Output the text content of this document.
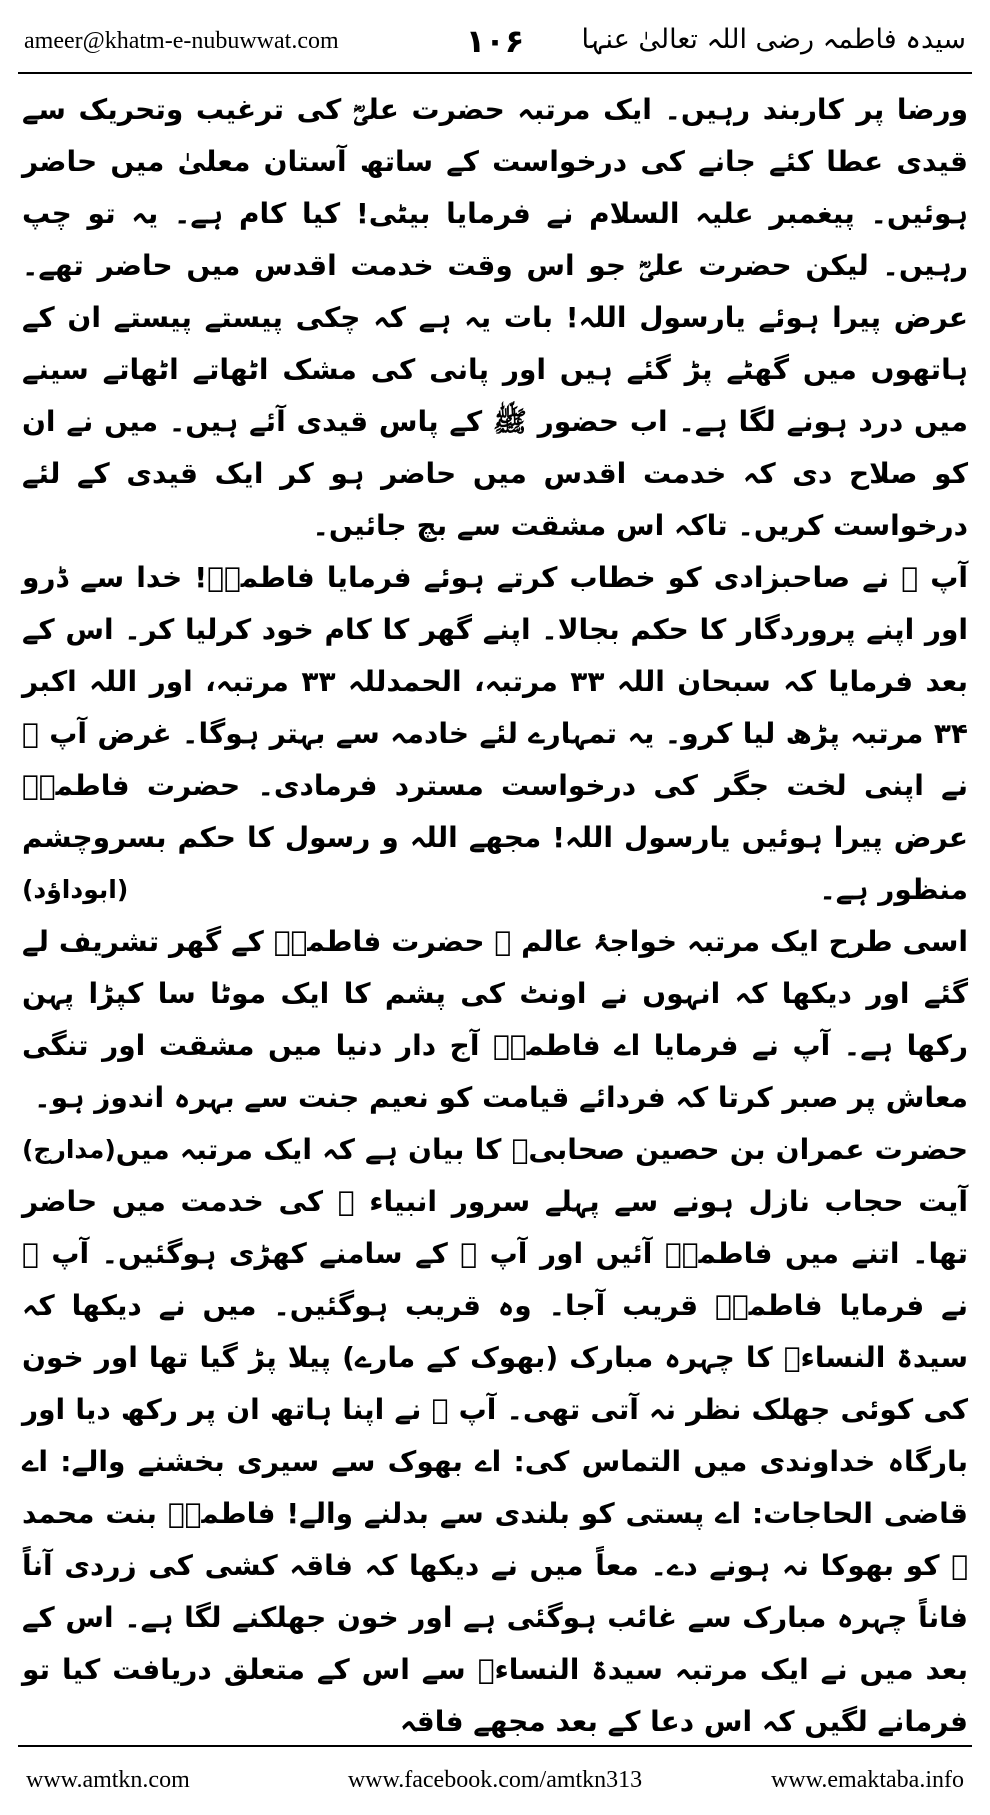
ameer@khatm-e-nubuwwat.com	۱۰۶ سیدہ فاطمہ رضی اللہ تعالیٰ عنہا

ورضا پر کاربند رہیں۔ ایک مرتبہ حضرت علیؓ کی ترغیب وتحریک سے قیدی عطا کئے جانے کی درخواست کے ساتھ آستان معلیٰ میں حاضر ہوئیں۔ پیغمبر علیہ السلام نے فرمایا بیٹی! کیا کام ہے۔ یہ تو چپ رہیں۔ لیکن حضرت علیؓ جو اس وقت خدمت اقدس میں حاضر تھے۔ عرض پیرا ہوئے یارسول اللہ! بات یہ ہے کہ چکی پیستے پیستے ان کے ہاتھوں میں گھٹے پڑ گئے ہیں اور پانی کی مشک اٹھاتے اٹھاتے سینے میں درد ہونے لگا ہے۔ اب حضور ﷺ کے پاس قیدی آئے ہیں۔ میں نے ان کو صلاح دی کہ خدمت اقدس میں حاضر ہو کر ایک قیدی کے لئے درخواست کریں۔ تاکہ اس مشقت سے بچ جائیں۔

آپ ﷺ نے صاحبزادی کو خطاب کرتے ہوئے فرمایا فاطمہؓ! خدا سے ڈرو اور اپنے پروردگار کا حکم بجالا۔ اپنے گھر کا کام خود کرلیا کر۔ اس کے بعد فرمایا کہ سبحان اللہ ۳۳ مرتبہ، الحمدللہ ۳۳ مرتبہ، اور اللہ اکبر ۳۴ مرتبہ پڑھ لیا کرو۔ یہ تمہارے لئے خادمہ سے بہتر ہوگا۔ غرض آپ ﷺ نے اپنی لخت جگر کی درخواست مسترد فرمادی۔ حضرت فاطمہؓ عرض پیرا ہوئیں یارسول اللہ! مجھے اللہ و رسول کا حکم بسروچشم منظور ہے۔
(ابوداؤد)

اسی طرح ایک مرتبہ خواجۂ عالم ﷺ حضرت فاطمہؓ کے گھر تشریف لے گئے اور دیکھا کہ انہوں نے اونٹ کی پشم کا ایک موٹا سا کپڑا پہن رکھا ہے۔ آپ نے فرمایا اے فاطمہؓ آج دار دنیا میں مشقت اور تنگی معاش پر صبر کرتا کہ فردائے قیامت کو نعیم جنت سے بہرہ اندوز ہو۔
(مدارج) حضرت عمران بن حصین صحابیؓ کا بیان ہے کہ ایک مرتبہ میں آیت حجاب نازل ہونے سے پہلے سرور انبیاء ﷺ کی خدمت میں حاضر تھا۔ اتنے میں فاطمہؓ آئیں اور آپ ﷺ کے سامنے کھڑی ہوگئیں۔ آپ ﷺ نے فرمایا فاطمہؓ قریب آجا۔ وہ قریب ہوگئیں۔ میں نے دیکھا کہ سیدۃ النساءؓ کا چہرہ مبارک (بھوک کے مارے) پیلا پڑ گیا تھا اور خون کی کوئی جھلک نظر نہ آتی تھی۔ آپ ﷺ نے اپنا ہاتھ ان پر رکھ دیا اور بارگاہ خداوندی میں التماس کی: اے بھوک سے سیری بخشنے والے: اے قاضی الحاجات: اے پستی کو بلندی سے بدلنے والے! فاطمہؓ بنت محمد ﷺ کو بھوکا نہ ہونے دے۔ معاً میں نے دیکھا کہ فاقہ کشی کی زردی آناً فاناً چہرہ مبارک سے غائب ہوگئی ہے اور خون جھلکنے لگا ہے۔ اس کے بعد میں نے ایک مرتبہ سیدۃ النساءؓ سے اس کے متعلق دریافت کیا تو فرمانے لگیں کہ اس دعا کے بعد مجھے فاقہ

www.amtkn.com	www.facebook.com/amtkn313	www.emaktaba.info
